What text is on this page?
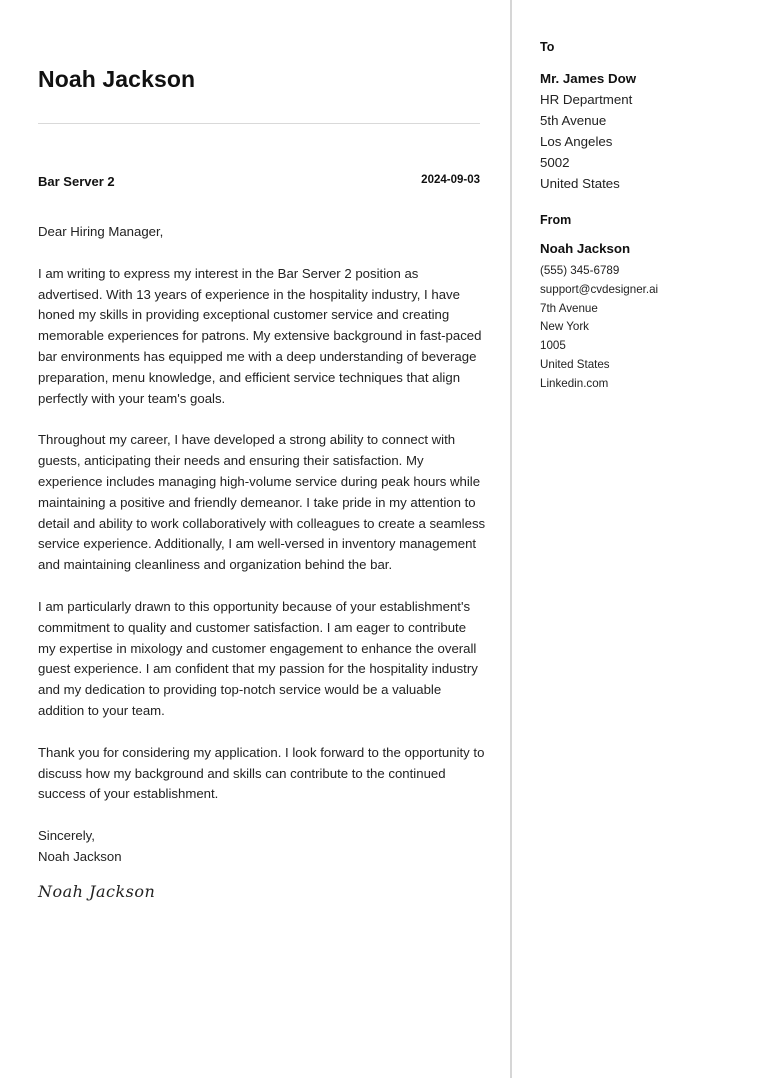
Noah Jackson
Bar Server 2	2024-09-03

Dear Hiring Manager,

I am writing to express my interest in the Bar Server 2 position as advertised. With 13 years of experience in the hospitality industry, I have honed my skills in providing exceptional customer service and creating memorable experiences for patrons. My extensive background in fast-paced bar environments has equipped me with a deep understanding of beverage preparation, menu knowledge, and efficient service techniques that align perfectly with your team's goals.

Throughout my career, I have developed a strong ability to connect with guests, anticipating their needs and ensuring their satisfaction. My experience includes managing high-volume service during peak hours while maintaining a positive and friendly demeanor. I take pride in my attention to detail and ability to work collaboratively with colleagues to create a seamless service experience. Additionally, I am well-versed in inventory management and maintaining cleanliness and organization behind the bar.

I am particularly drawn to this opportunity because of your establishment's commitment to quality and customer satisfaction. I am eager to contribute my expertise in mixology and customer engagement to enhance the overall guest experience. I am confident that my passion for the hospitality industry and my dedication to providing top-notch service would be a valuable addition to your team.

Thank you for considering my application. I look forward to the opportunity to discuss how my background and skills can contribute to the continued success of your establishment.

Sincerely,
Noah Jackson
Noah Jackson
To
Mr. James Dow
HR Department
5th Avenue
Los Angeles
5002
United States
From
Noah Jackson
(555) 345-6789
support@cvdesigner.ai
7th Avenue
New York
1005
United States
Linkedin.com
